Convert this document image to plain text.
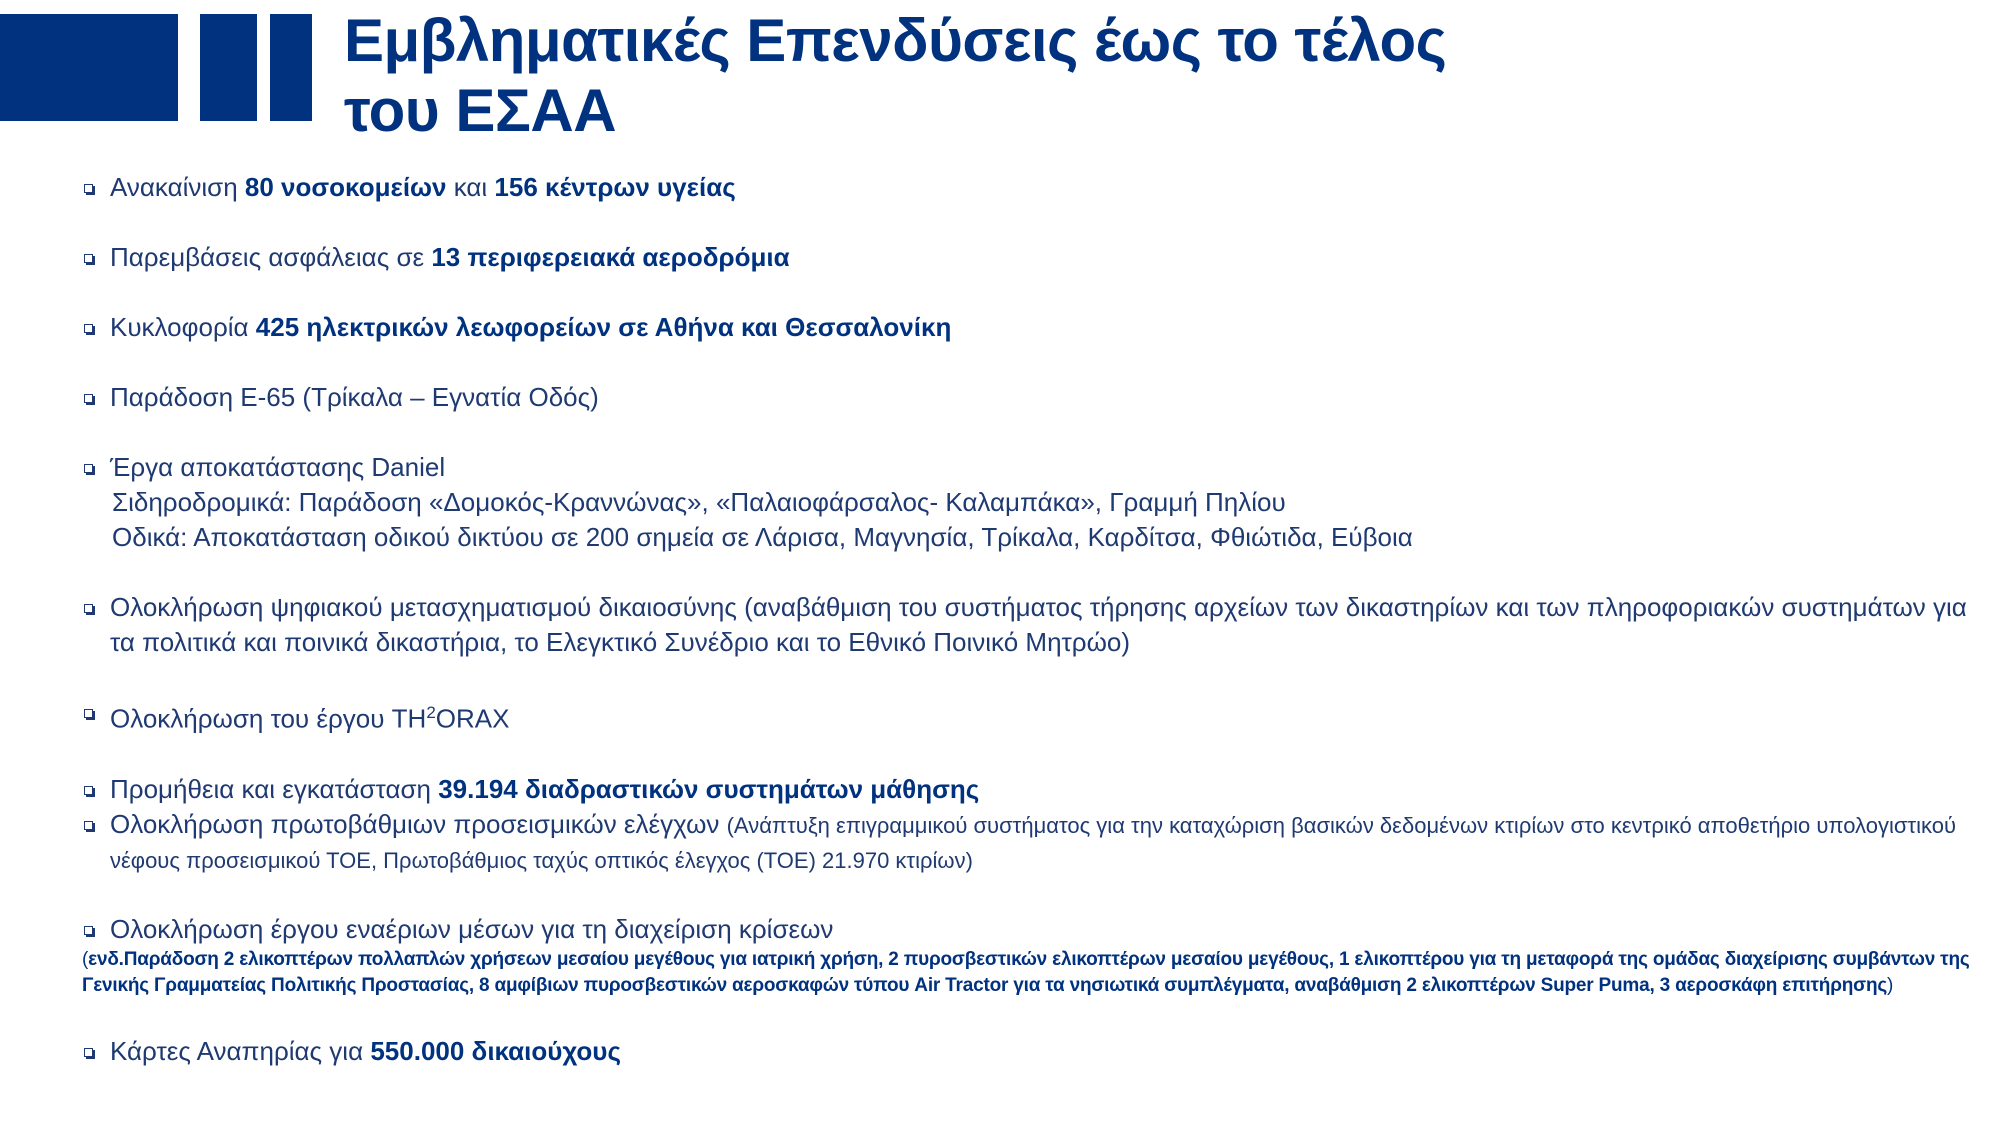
Εμβληματικές Επενδύσεις έως το τέλος
του ΕΣΑΑ
Ανακαίνιση 80 νοσοκομείων και 156 κέντρων υγείας
Παρεμβάσεις ασφάλειας σε 13 περιφερειακά αεροδρόμια
Κυκλοφορία 425 ηλεκτρικών λεωφορείων σε Αθήνα και Θεσσαλονίκη
Παράδοση Ε-65 (Τρίκαλα – Εγνατία Οδός)
Έργα αποκατάστασης Daniel
Σιδηροδρομικά: Παράδοση «Δομοκός-Κραννώνας», «Παλαιοφάρσαλος- Καλαμπάκα», Γραμμή Πηλίου
Οδικά: Αποκατάσταση οδικού δικτύου σε 200 σημεία σε Λάρισα, Μαγνησία, Τρίκαλα, Καρδίτσα, Φθιώτιδα, Εύβοια
Ολοκλήρωση ψηφιακού μετασχηματισμού δικαιοσύνης (αναβάθμιση του συστήματος τήρησης αρχείων των δικαστηρίων και των πληροφοριακών συστημάτων για τα πολιτικά και ποινικά δικαστήρια, το Ελεγκτικό Συνέδριο και το Εθνικό Ποινικό Μητρώο)
Ολοκλήρωση του έργου $TH^2ORAX$
Προμήθεια και εγκατάσταση 39.194 διαδραστικών συστημάτων μάθησης
Ολοκλήρωση πρωτοβάθμιων προσεισμικών ελέγχων (Ανάπτυξη επιγραμμικού συστήματος για την καταχώριση βασικών δεδομένων κτιρίων στο κεντρικό αποθετήριο υπολογιστικού νέφους προσεισμικού ΤΟΕ, Πρωτοβάθμιος ταχύς οπτικός έλεγχος (ΤΟΕ) 21.970 κτιρίων)
Ολοκλήρωση έργου εναέριων μέσων για τη διαχείριση κρίσεων
(ενδ.Παράδοση 2 ελικοπτέρων πολλαπλών χρήσεων μεσαίου μεγέθους για ιατρική χρήση, 2 πυροσβεστικών ελικοπτέρων μεσαίου μεγέθους, 1 ελικοπτέρου για τη μεταφορά της ομάδας διαχείρισης συμβάντων της Γενικής Γραμματείας Πολιτικής Προστασίας, 8 αμφίβιων πυροσβεστικών αεροσκαφών τύπου Air Tractor για τα νησιωτικά συμπλέγματα, αναβάθμιση 2 ελικοπτέρων Super Puma, 3 αεροσκάφη επιτήρησης)
Κάρτες Αναπηρίας για 550.000 δικαιούχους
